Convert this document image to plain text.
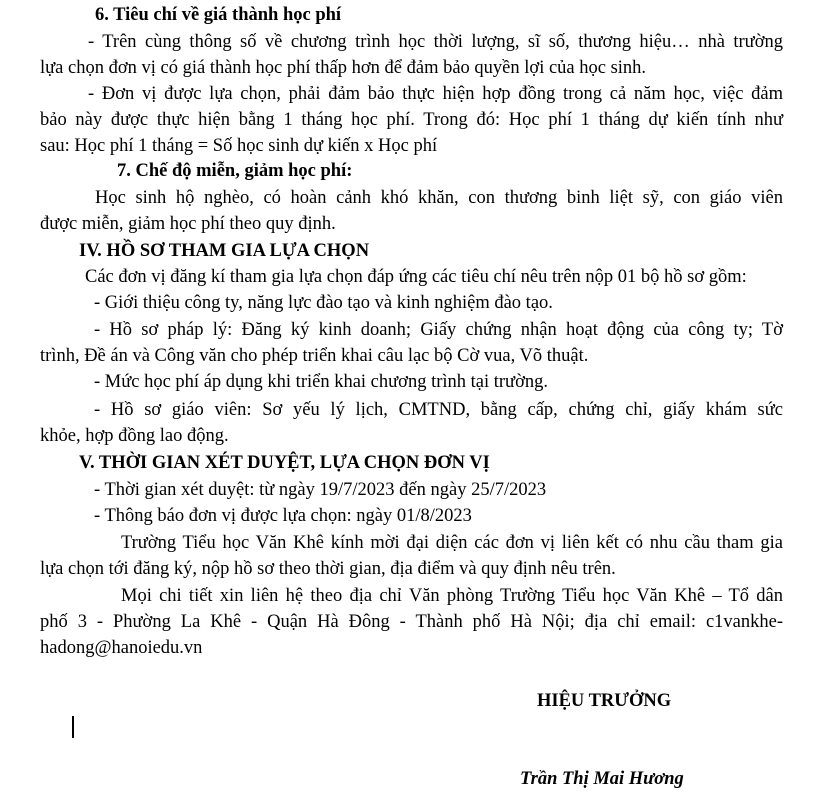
6. Tiêu chí về giá thành học phí
- Trên cùng thông số về chương trình học thời lượng, sĩ số, thương hiệu… nhà trường
lựa chọn đơn vị có giá thành học phí thấp hơn để đảm bảo quyền lợi của học sinh.
- Đơn vị được lựa chọn, phải đảm bảo thực hiện hợp đồng trong cả năm học, việc đảm
bảo này được thực hiện bằng 1 tháng học phí. Trong đó: Học phí 1 tháng dự kiến tính như
sau: Học phí 1 tháng = Số học sinh dự kiến x Học phí
7. Chế độ miễn, giảm học phí:
Học sinh hộ nghèo, có hoàn cảnh khó khăn, con thương binh liệt sỹ, con giáo viên
được miễn, giảm học phí theo quy định.
IV. HỒ SƠ THAM GIA LỰA CHỌN
Các đơn vị đăng kí tham gia lựa chọn đáp ứng các tiêu chí nêu trên nộp 01 bộ hồ sơ gồm:
- Giới thiệu công ty, năng lực đào tạo và kinh nghiệm đào tạo.
- Hồ sơ pháp lý: Đăng ký kinh doanh; Giấy chứng nhận hoạt động của công ty; Tờ
trình, Đề án và Công văn cho phép triển khai câu lạc bộ Cờ vua, Võ thuật.
- Mức học phí áp dụng khi triển khai chương trình tại trường.
- Hồ sơ giáo viên: Sơ yếu lý lịch, CMTND, bằng cấp, chứng chỉ, giấy khám sức
khỏe, hợp đồng lao động.
V. THỜI GIAN XÉT DUYỆT, LỰA CHỌN ĐƠN VỊ
- Thời gian xét duyệt: từ ngày 19/7/2023 đến ngày 25/7/2023
- Thông báo đơn vị được lựa chọn: ngày 01/8/2023
Trường Tiểu học Văn Khê kính mời đại diện các đơn vị liên kết có nhu cầu tham gia
lựa chọn tới đăng ký, nộp hồ sơ theo thời gian, địa điểm và quy định nêu trên.
Mọi chi tiết xin liên hệ theo địa chỉ Văn phòng Trường Tiểu học Văn Khê – Tổ dân
phố 3 - Phường La Khê - Quận Hà Đông - Thành phố Hà Nội; địa chỉ email: c1vankhe-
hadong@hanoiedu.vn
HIỆU TRƯỞNG
Trần Thị Mai Hương
